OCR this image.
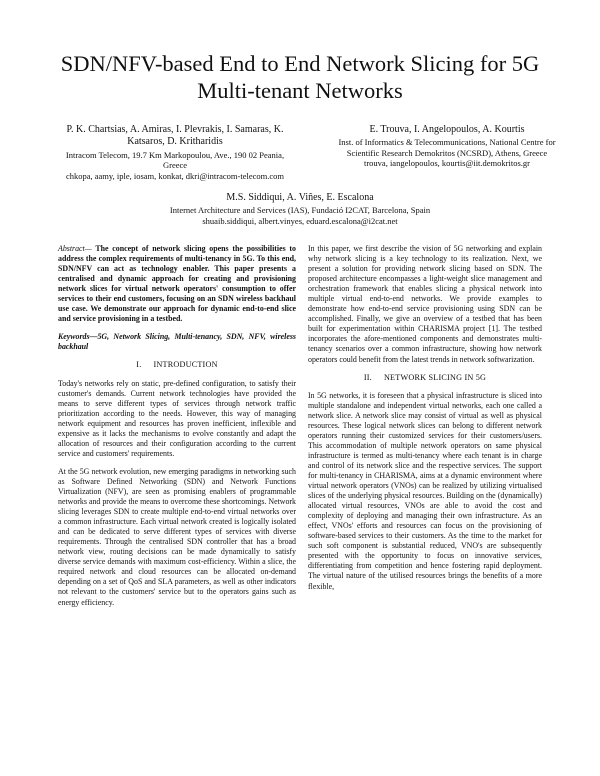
SDN/NFV-based End to End Network Slicing for 5G Multi-tenant Networks
P. K. Chartsias, A. Amiras, I. Plevrakis, I. Samaras, K. Katsaros, D. Kritharidis
Intracom Telecom, 19.7 Km Markopoulou, Ave., 190 02 Peania, Greece
chkopa, aamy, iple, iosam, konkat, dkri@intracom-telecom.com
E. Trouva, I. Angelopoulos, A. Kourtis
Inst. of Informatics & Telecommunications, National Centre for Scientific Research Demokritos (NCSRD), Athens, Greece
trouva, iangelopoulos, kourtis@iit.demokritos.gr
M.S. Siddiqui, A. Viñes, E. Escalona
Internet Architecture and Services (IAS), Fundació I2CAT, Barcelona, Spain
shuaib.siddiqui, albert.vinyes, eduard.escalona@i2cat.net

Abstract— The concept of network slicing opens the possibilities to address the complex requirements of multi-tenancy in 5G. To this end, SDN/NFV can act as technology enabler. This paper presents a centralised and dynamic approach for creating and provisioning network slices for virtual network operators' consumption to offer services to their end customers, focusing on an SDN wireless backhaul use case. We demonstrate our approach for dynamic end-to-end slice and service provisioning in a testbed.

Keywords—5G, Network Slicing, Multi-tenancy, SDN, NFV, wireless backhaul

I. INTRODUCTION

Today's networks rely on static, pre-defined configuration, to satisfy their customer's demands. Current network technologies have provided the means to serve different types of services through network traffic prioritization according to the needs. However, this way of managing network equipment and resources has proven inefficient, inflexible and expensive as it lacks the mechanisms to evolve constantly and adapt the allocation of resources and their configuration according to the current service and customers' requirements.

At the 5G network evolution, new emerging paradigms in networking such as Software Defined Networking (SDN) and Network Functions Virtualization (NFV), are seen as promising enablers of programmable networks and provide the means to overcome these shortcomings. Network slicing leverages SDN to create multiple end-to-end virtual networks over a common infrastructure. Each virtual network created is logically isolated and can be dedicated to serve different types of services with diverse requirements. Through the centralised SDN controller that has a broad network view, routing decisions can be made dynamically to satisfy diverse service demands with maximum cost-efficiency. Within a slice, the required network and cloud resources can be allocated on-demand depending on a set of QoS and SLA parameters, as well as other indicators not relevant to the customers' service but to the operators gains such as energy efficiency.

In this paper, we first describe the vision of 5G networking and explain why network slicing is a key technology to its realization. Next, we present a solution for providing network slicing based on SDN. The proposed architecture encompasses a light-weight slice management and orchestration framework that enables slicing a physical network into multiple virtual end-to-end networks. We provide examples to demonstrate how end-to-end service provisioning using SDN can be accomplished. Finally, we give an overview of a testbed that has been built for experimentation within CHARISMA project [1]. The testbed incorporates the afore-mentioned components and demonstrates multi-tenancy scenarios over a common infrastructure, showing how network operators could benefit from the latest trends in network softwarization.

II. NETWORK SLICING IN 5G

In 5G networks, it is foreseen that a physical infrastructure is sliced into multiple standalone and independent virtual networks, each one called a network slice. A network slice may consist of virtual as well as physical resources. These logical network slices can belong to different network operators running their customized services for their customers/users. This accommodation of multiple network operators on same physical infrastructure is termed as multi-tenancy where each tenant is in charge and control of its network slice and the respective services. The support for multi-tenancy in CHARISMA, aims at a dynamic environment where virtual network operators (VNOs) can be realized by utilizing virtualised slices of the underlying physical resources. Building on the (dynamically) allocated virtual resources, VNOs are able to avoid the cost and complexity of deploying and managing their own infrastructure. As an effect, VNOs' efforts and resources can focus on the provisioning of software-based services to their customers. As the time to the market for such soft component is substantial reduced, VNO's are subsequently presented with the opportunity to focus on innovative services, differentiating from competition and hence fostering rapid deployment. The virtual nature of the utilised resources brings the benefits of a more flexible,
